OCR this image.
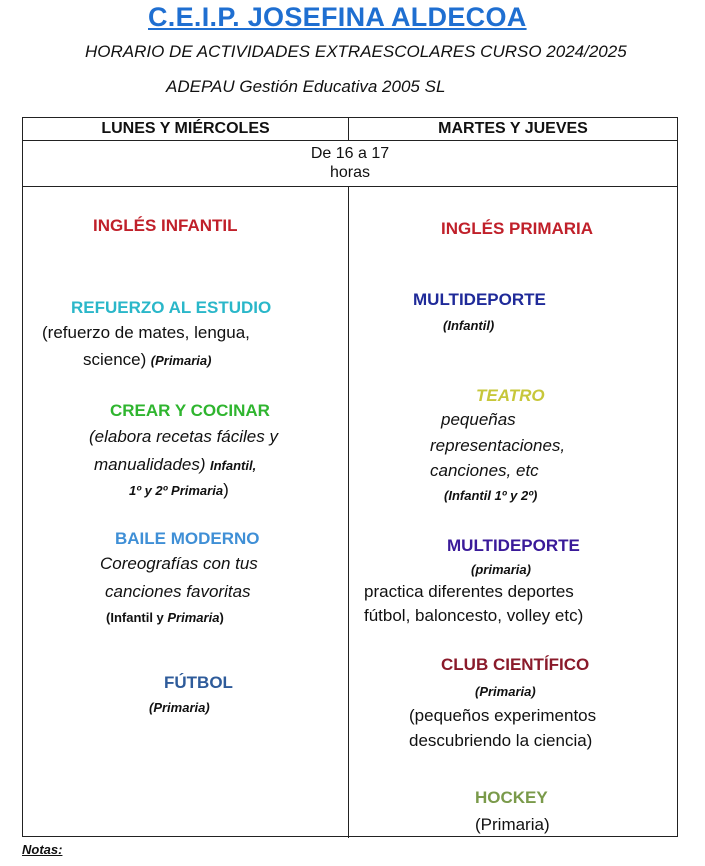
C.E.I.P. JOSEFINA ALDECOA
HORARIO DE ACTIVIDADES EXTRAESCOLARES CURSO 2024/2025
ADEPAU Gestión Educativa 2005 SL
LUNES Y MIÉRCOLES	MARTES Y JUEVES
De 16 a 17
horas
INGLÉS INFANTIL
REFUERZO AL ESTUDIO
(refuerzo de mates, lengua,
science) (Primaria)
CREAR Y COCINAR
(elabora recetas fáciles y
manualidades) Infantil,
1º y 2º Primaria)
BAILE MODERNO
Coreografías con tus
canciones favoritas
(Infantil y Primaria)
FÚTBOL
(Primaria)
INGLÉS PRIMARIA
MULTIDEPORTE
(Infantil)
TEATRO
pequeñas
representaciones,
canciones, etc
(Infantil 1º y 2º)
MULTIDEPORTE
(primaria)
practica diferentes deportes
fútbol, baloncesto, volley etc)
CLUB CIENTÍFICO
(Primaria)
(pequeños experimentos
descubriendo la ciencia)
HOCKEY
(Primaria)
Notas:
